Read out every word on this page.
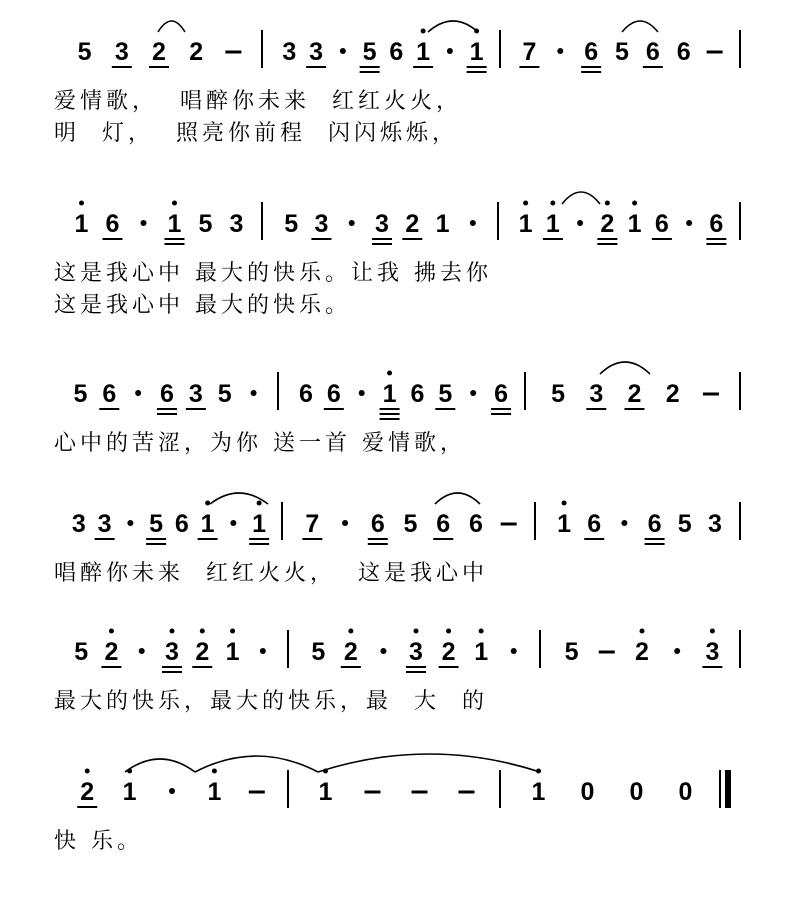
5 3 2 2	3 3 5 6 1 1 7 6 5 6 6
爱情歌，  唱醉你未来  红红火火，
明  灯，  照亮你前程  闪闪烁烁，
1 6 1 5 3 5 3 3 2 1	1 1 2 1 6 6
这是我心中 最大的快乐。让我 拂去你
这是我心中 最大的快乐。
5 6 6 3 5	6 6 1 6 5 6 5 3 2 2
心中的苦涩，为你 送一首 爱情歌，
3 3 5 6 1 1 7 6 5 6 6	1 6 6 5 3
唱醉你未来  红红火火，  这是我心中
5 2 3 2 1	5 2 3 2 1	5 2 3
最大的快乐，最大的快乐，最  大  的
2 1	1	1	1 0 0 0
快 乐。
